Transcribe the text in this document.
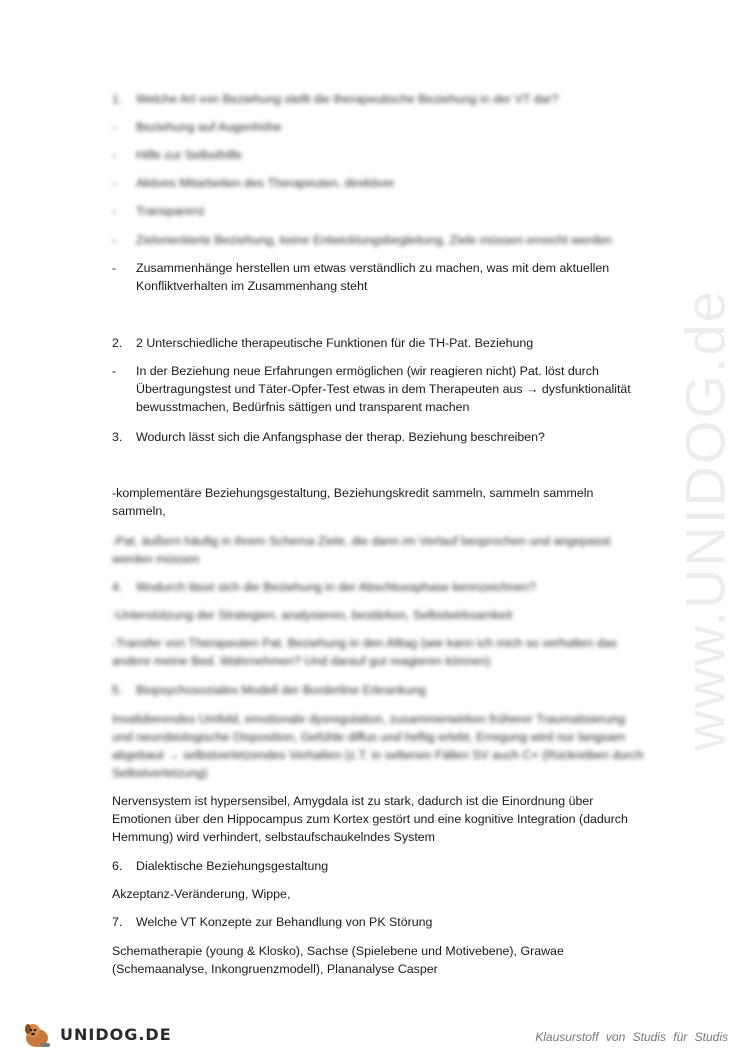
www.UNIDOG.de
1. Welche Art von Beziehung stellt die therapeutische Beziehung in der VT dar?
- Beziehung auf Augenhöhe
- Hilfe zur Selbsthilfe
- Aktives Mitarbeiten des Therapeuten, direktiver
- Transparenz
- Zielorientierte Beziehung, keine Entwicklungsbegleitung, Ziele müssen erreicht werden
- Zusammenhänge herstellen um etwas verständlich zu machen, was mit dem aktuellen
Konfliktverhalten im Zusammenhang steht
2. 2 Unterschiedliche therapeutische Funktionen für die TH-Pat. Beziehung
- In der Beziehung neue Erfahrungen ermöglichen (wir reagieren nicht) Pat. löst durch
Übertragungstest und Täter-Opfer-Test etwas in dem Therapeuten aus → dysfunktionalität
bewusstmachen, Bedürfnis sättigen und transparent machen
3. Wodurch lässt sich die Anfangsphase der therap. Beziehung beschreiben?
-komplementäre Beziehungsgestaltung, Beziehungskredit sammeln, sammeln sammeln
sammeln,
-Pat. äußern häufig in ihrem Schema Ziele, die dann im Verlauf besprochen und angepasst
werden müssen
4. Wodurch lässt sich die Beziehung in der Abschlussphase kennzeichnen?
-Unterstützung der Strategien, analysieren, bestärken, Selbstwirksamkeit
-Transfer von Therapeuten Pat. Beziehung in den Alltag (wie kann ich mich so verhalten das
andere meine Bed. Wahrnehmen? Und darauf gut reagieren können)
5. Biopsychosoziales Modell der Borderline Erkrankung
Invalidierendes Umfeld, emotionale dysregulation, zusammenwirken früherer Traumatisierung
und neurobiologische Disposition, Gefühle diffus und heftig erlebt, Erregung wird nur langsam
abgebaut → selbstverletzendes Verhalten (z.T. in seltenen Fällen SV auch C+ (Rückreiben durch
Selbstverletzung)
Nervensystem ist hypersensibel, Amygdala ist zu stark, dadurch ist die Einordnung über
Emotionen über den Hippocampus zum Kortex gestört und eine kognitive Integration (dadurch
Hemmung) wird verhindert, selbstaufschaukelndes System
6. Dialektische Beziehungsgestaltung
Akzeptanz-Veränderung, Wippe,
7. Welche VT Konzepte zur Behandlung von PK Störung
Schematherapie (young & Klosko), Sachse (Spielebene und Motivebene), Grawae
(Schemaanalyse, Inkongruenzmodell), Plananalyse Casper
UNIDOG.DE	Klausurstoff von Studis für Studis
